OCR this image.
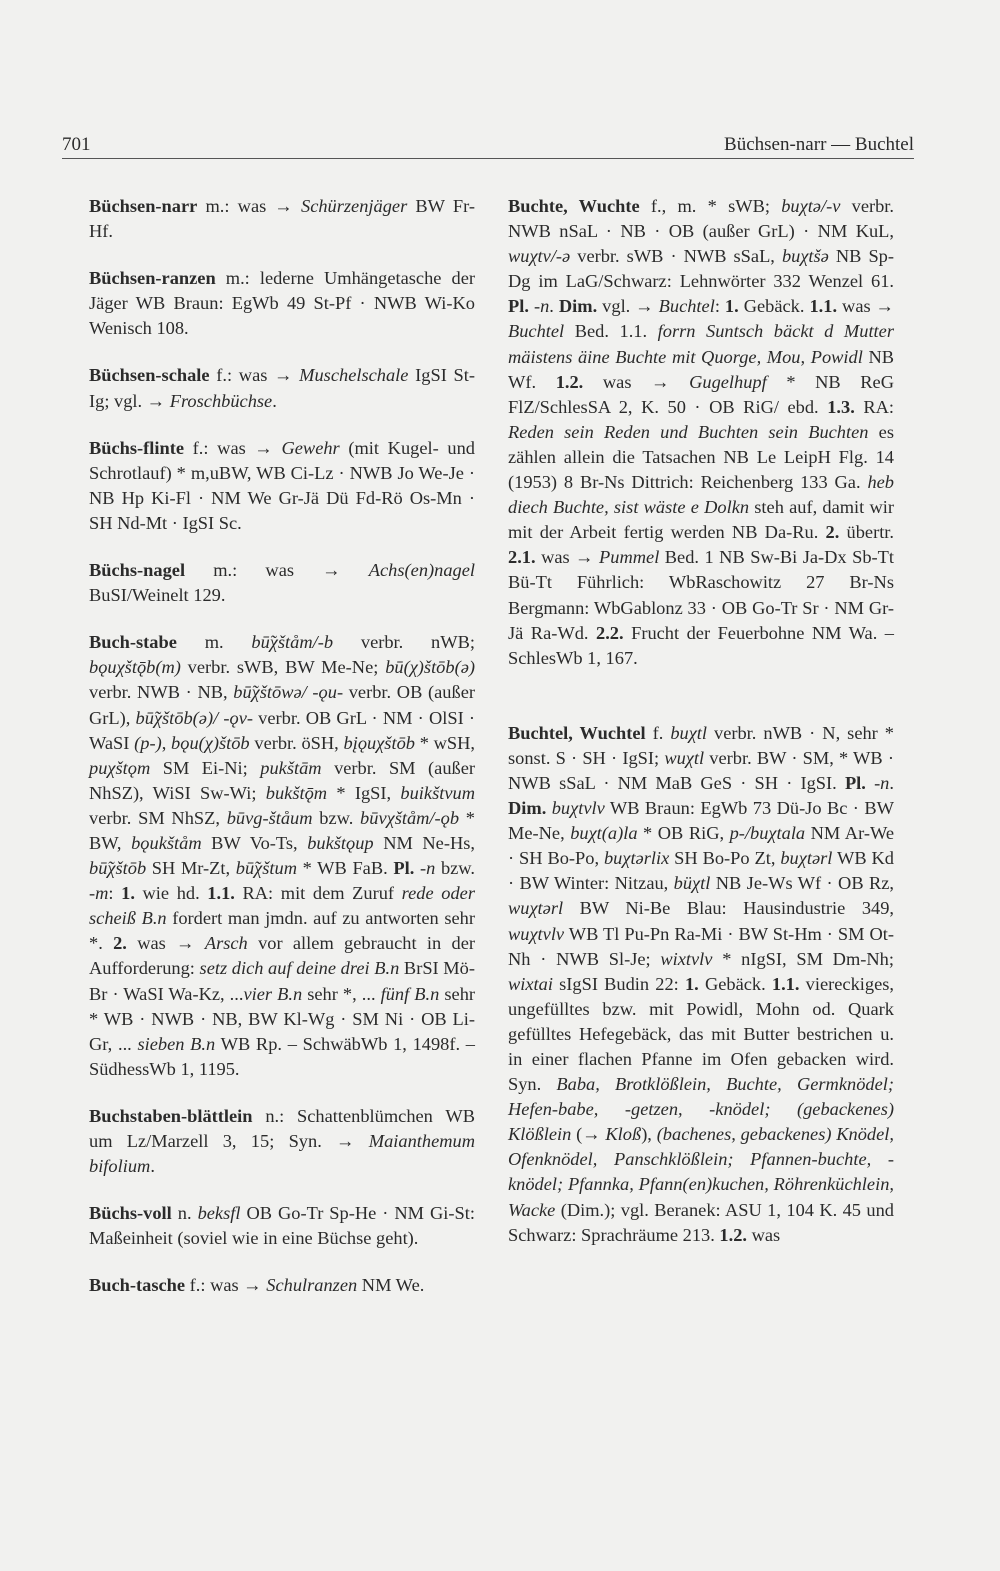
701	Büchsen-narr — Buchtel

Büchsen-narr m.: was → Schürzenjäger BW Fr-Hf.

Büchsen-ranzen m.: lederne Umhängetasche der Jäger WB Braun: EgWb 49 St-Pf · NWB Wi-Ko Wenisch 108.

Büchsen-schale f.: was → Muschelschale IgSI St-Ig; vgl. → Froschbüchse.

Büchs-flinte f.: was → Gewehr (mit Kugel- und Schrotlauf) * m,uBW, WB Ci-Lz · NWB Jo We-Je · NB Hp Ki-Fl · NM We Gr-Jä Dü Fd-Rö Os-Mn · SH Nd-Mt · IgSI Sc.

Büchs-nagel m.: was → Achs(en)nagel BuSI/Weinelt 129.

Buch-stabe m. bū̃χštåm/-b verbr. nWB; bǫuχštǭb(m) verbr. sWB, BW Me-Ne; bū(χ)štōb(ə) verbr. NWB · NB, bū̃χštōwə/ -ǫu- verbr. OB (außer GrL), bū̃χštōb(ə)/ -ǫv- verbr. OB GrL · NM · OlSI · WaSI (p-), bǫu(χ)štōb verbr. öSH, bįǫuχštōb * wSH, puχštǫm SM Ei-Ni; pukštām verbr. SM (außer NhSZ), WiSI Sw-Wi; bukštǭm * IgSI, buikštvum verbr. SM NhSZ, būvg-štåum bzw. būvχštåm/-ǫb * BW, bǫukštåm BW Vo-Ts, bukštǫup NM Ne-Hs, bū̃χštōb SH Mr-Zt, bū̃χštum * WB FaB. Pl. -n bzw. -m: 1. wie hd. 1.1. RA: mit dem Zuruf rede oder scheiß B.n fordert man jmdn. auf zu antworten sehr *. 2. was → Arsch vor allem gebraucht in der Aufforderung: setz dich auf deine drei B.n BrSI Mö-Br · WaSI Wa-Kz, ...vier B.n sehr *, ... fünf B.n sehr * WB · NWB · NB, BW Kl-Wg · SM Ni · OB Li-Gr, ... sieben B.n WB Rp. – SchwäbWb 1, 1498f. – SüdhessWb 1, 1195.

Buchstaben-blättlein n.: Schattenblümchen WB um Lz/Marzell 3, 15; Syn. → Maianthemum bifolium.

Büchs-voll n. beksfl OB Go-Tr Sp-He · NM Gi-St: Maßeinheit (soviel wie in eine Büchse geht).

Buch-tasche f.: was → Schulranzen NM We.

Buchte, Wuchte f., m. * sWB; buχtə/-v verbr. NWB nSaL · NB · OB (außer GrL) · NM KuL, wuχtv/-ə verbr. sWB · NWB sSaL, buχtšə NB Sp-Dg im LaG/Schwarz: Lehnwörter 332 Wenzel 61. Pl. -n. Dim. vgl. → Buchtel: 1. Gebäck. 1.1. was → Buchtel Bed. 1.1. forrn Suntsch bäckt d Mutter mäistens äine Buchte mit Quorge, Mou, Powidl NB Wf. 1.2. was → Gugelhupf * NB ReG FlZ/SchlesSA 2, K. 50 · OB RiG/ ebd. 1.3. RA: Reden sein Reden und Buchten sein Buchten es zählen allein die Tatsachen NB Le LeipH Flg. 14 (1953) 8 Br-Ns Dittrich: Reichenberg 133 Ga. heb diech Buchte, sist wäste e Dolkn steh auf, damit wir mit der Arbeit fertig werden NB Da-Ru. 2. übertr. 2.1. was → Pummel Bed. 1 NB Sw-Bi Ja-Dx Sb-Tt Bü-Tt Führlich: WbRaschowitz 27 Br-Ns Bergmann: WbGablonz 33 · OB Go-Tr Sr · NM Gr-Jä Ra-Wd. 2.2. Frucht der Feuerbohne NM Wa. – SchlesWb 1, 167.

Buchtel, Wuchtel f. buχtl verbr. nWB · N, sehr * sonst. S · SH · IgSI; wuχtl verbr. BW · SM, * WB · NWB sSaL · NM MaB GeS · SH · IgSI. Pl. -n. Dim. buχtvlv WB Braun: EgWb 73 Dü-Jo Bc · BW Me-Ne, buχt(a)la * OB RiG, p-/buχtala NM Ar-We · SH Bo-Po, buχtərlix SH Bo-Po Zt, buχtərl WB Kd · BW Winter: Nitzau, büχtl NB Je-Ws Wf · OB Rz, wuχtərl BW Ni-Be Blau: Hausindustrie 349, wuχtvlv WB Tl Pu-Pn Ra-Mi · BW St-Hm · SM Ot-Nh · NWB Sl-Je; wixtvlv * nIgSI, SM Dm-Nh; wixtai sIgSI Budin 22: 1. Gebäck. 1.1. viereckiges, ungefülltes bzw. mit Powidl, Mohn od. Quark gefülltes Hefegebäck, das mit Butter bestrichen u. in einer flachen Pfanne im Ofen gebacken wird. Syn. Baba, Brotklößlein, Buchte, Germknödel; Hefen-babe, -getzen, -knödel; (gebackenes) Klößlein (→ Kloß), (bachenes, gebackenes) Knödel, Ofenknödel, Panschklößlein; Pfannen-buchte, -knödel; Pfannka, Pfann(en)kuchen, Röhrenküchlein, Wacke (Dim.); vgl. Beranek: ASU 1, 104 K. 45 und Schwarz: Sprachräume 213. 1.2. was
